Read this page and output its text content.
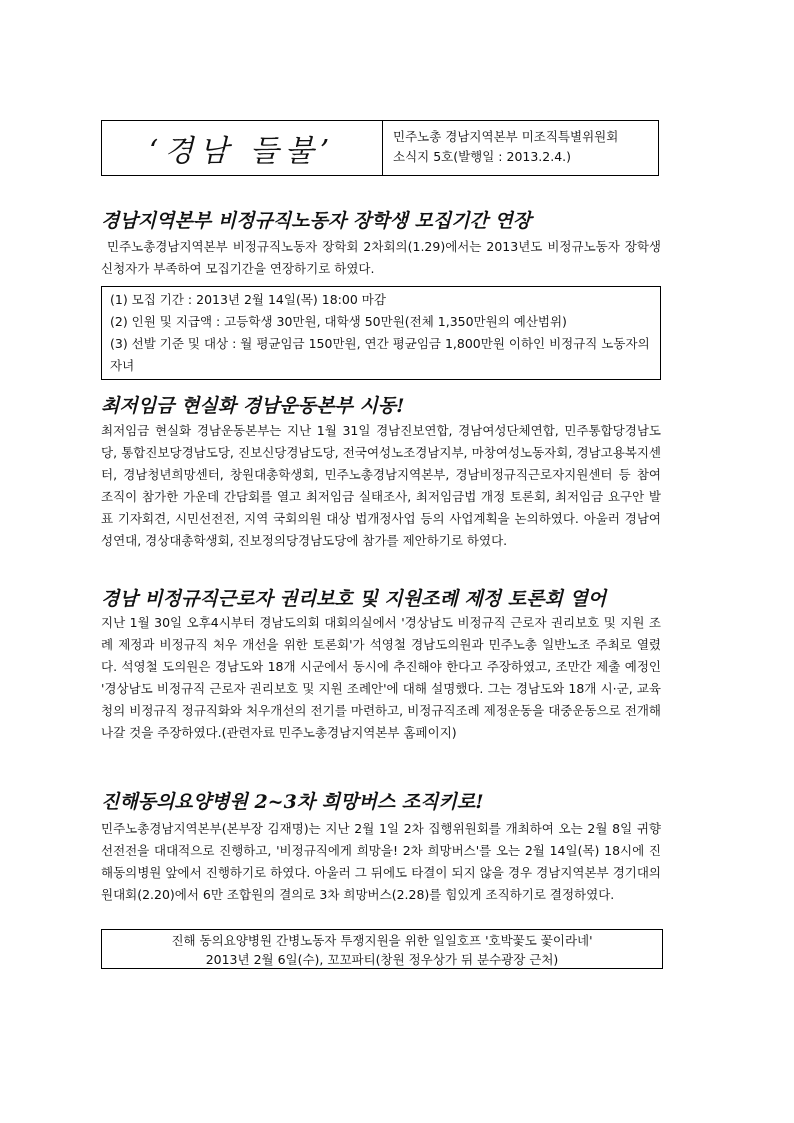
‘경남 들불’	민주노총 경남지역본부 미조직특별위원회
소식지 5호(발행일 : 2013.2.4.)
경남지역본부 비정규직노동자 장학생 모집기간 연장
민주노총경남지역본부 비정규직노동자 장학회 2차회의(1.29)에서는 2013년도 비정규노동자 장학생 신청자가 부족하여 모집기간을 연장하기로 하였다.
(1) 모집 기간 : 2013년 2월 14일(목) 18:00 마감
(2) 인원 및 지급액 : 고등학생 30만원, 대학생 50만원(전체 1,350만원의 예산범위)
(3) 선발 기준 및 대상 : 월 평균임금 150만원, 연간 평균임금 1,800만원 이하인 비정규직 노동자의 자녀
최저임금 현실화 경남운동본부 시동!
최저임금 현실화 경남운동본부는 지난 1월 31일 경남진보연합, 경남여성단체연합, 민주통합당경남도당, 통합진보당경남도당, 진보신당경남도당, 전국여성노조경남지부, 마창여성노동자회, 경남고용복지센터, 경남청년희망센터, 창원대총학생회, 민주노총경남지역본부, 경남비정규직근로자지원센터 등 참여 조직이 참가한 가운데 간담회를 열고 최저임금 실태조사, 최저임금법 개정 토론회, 최저임금 요구안 발표 기자회견, 시민선전전, 지역 국회의원 대상 법개정사업 등의 사업계획을 논의하였다. 아울러 경남여성연대, 경상대총학생회, 진보정의당경남도당에 참가를 제안하기로 하였다.
경남 비정규직근로자 권리보호 및 지원조례 제정 토론회 열어
지난 1월 30일 오후4시부터 경남도의회 대회의실에서 '경상남도 비정규직 근로자 권리보호 및 지원 조례 제정과 비정규직 처우 개선을 위한 토론회'가 석영철 경남도의원과 민주노총 일반노조 주최로 열렸다. 석영철 도의원은 경남도와 18개 시군에서 동시에 추진해야 한다고 주장하였고, 조만간 제출 예정인 '경상남도 비정규직 근로자 권리보호 및 지원 조례안'에 대해 설명했다. 그는 경남도와 18개 시·군, 교육청의 비정규직 정규직화와 처우개선의 전기를 마련하고, 비정규직조례 제정운동을 대중운동으로 전개해 나갈 것을 주장하였다.(관련자료 민주노총경남지역본부 홈페이지)
진해동의요양병원 2~3차 희망버스 조직키로!
민주노총경남지역본부(본부장 김재명)는 지난 2월 1일 2차 집행위원회를 개최하여 오는 2월 8일 귀향 선전전을 대대적으로 진행하고, '비정규직에게 희망을! 2차 희망버스'를 오는 2월 14일(목) 18시에 진해동의병원 앞에서 진행하기로 하였다. 아울러 그 뒤에도 타결이 되지 않을 경우 경남지역본부 경기대의원대회(2.20)에서 6만 조합원의 결의로 3차 희망버스(2.28)를 힘있게 조직하기로 결정하였다.
진해 동의요양병원 간병노동자 투쟁지원을 위한 일일호프 '호박꽃도 꽃이라네'
2013년 2월 6일(수), 꼬꼬파티(창원 정우상가 뒤 분수광장 근처)
